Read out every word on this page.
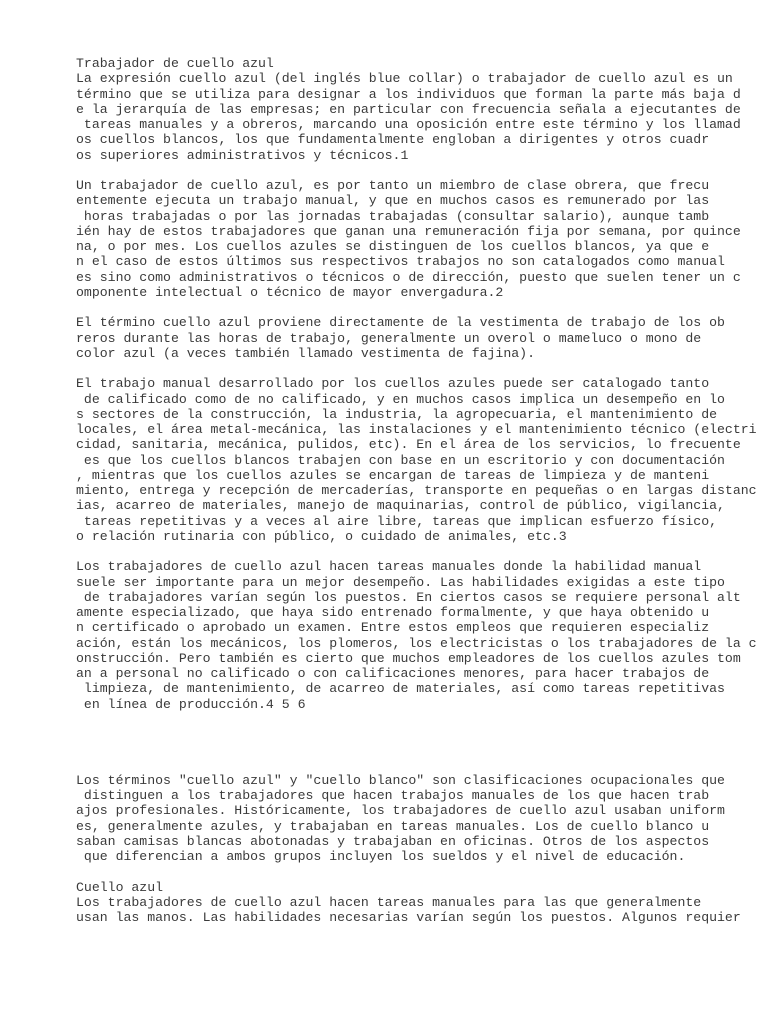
Trabajador de cuello azul
La expresión cuello azul (del inglés blue collar) o trabajador de cuello azul es un
término que se utiliza para designar a los individuos que forman la parte más baja d
e la jerarquía de las empresas; en particular con frecuencia señala a ejecutantes de
tareas manuales y a obreros, marcando una oposición entre este término y los llamad
os cuellos blancos, los que fundamentalmente engloban a dirigentes y otros cuadr
os superiores administrativos y técnicos.1
Un trabajador de cuello azul, es por tanto un miembro de clase obrera, que frecu
entemente ejecuta un trabajo manual, y que en muchos casos es remunerado por las
horas trabajadas o por las jornadas trabajadas (consultar salario), aunque tamb
ién hay de estos trabajadores que ganan una remuneración fija por semana, por quince
na, o por mes. Los cuellos azules se distinguen de los cuellos blancos, ya que e
n el caso de estos últimos sus respectivos trabajos no son catalogados como manual
es sino como administrativos o técnicos o de dirección, puesto que suelen tener un c
omponente intelectual o técnico de mayor envergadura.2
El término cuello azul proviene directamente de la vestimenta de trabajo de los ob
reros durante las horas de trabajo, generalmente un overol o mameluco o mono de
color azul (a veces también llamado vestimenta de fajina).
El trabajo manual desarrollado por los cuellos azules puede ser catalogado tanto
de calificado como de no calificado, y en muchos casos implica un desempeño en lo
s sectores de la construcción, la industria, la agropecuaria, el mantenimiento de
locales, el área metal-mecánica, las instalaciones y el mantenimiento técnico (electri
cidad, sanitaria, mecánica, pulidos, etc). En el área de los servicios, lo frecuente
es que los cuellos blancos trabajen con base en un escritorio y con documentación
, mientras que los cuellos azules se encargan de tareas de limpieza y de manteni
miento, entrega y recepción de mercaderías, transporte en pequeñas o en largas distanc
ias, acarreo de materiales, manejo de maquinarias, control de público, vigilancia,
tareas repetitivas y a veces al aire libre, tareas que implican esfuerzo físico,
o relación rutinaria con público, o cuidado de animales, etc.3
Los trabajadores de cuello azul hacen tareas manuales donde la habilidad manual
suele ser importante para un mejor desempeño. Las habilidades exigidas a este tipo
de trabajadores varían según los puestos. En ciertos casos se requiere personal alt
amente especializado, que haya sido entrenado formalmente, y que haya obtenido u
n certificado o aprobado un examen. Entre estos empleos que requieren especializ
ación, están los mecánicos, los plomeros, los electricistas o los trabajadores de la c
onstrucción. Pero también es cierto que muchos empleadores de los cuellos azules tom
an a personal no calificado o con calificaciones menores, para hacer trabajos de
limpieza, de mantenimiento, de acarreo de materiales, así como tareas repetitivas
en línea de producción.4 5 6
Los términos "cuello azul" y "cuello blanco" son clasificaciones ocupacionales que
distinguen a los trabajadores que hacen trabajos manuales de los que hacen trab
ajos profesionales. Históricamente, los trabajadores de cuello azul usaban uniform
es, generalmente azules, y trabajaban en tareas manuales. Los de cuello blanco u
saban camisas blancas abotonadas y trabajaban en oficinas. Otros de los aspectos
que diferencian a ambos grupos incluyen los sueldos y el nivel de educación.
Cuello azul
Los trabajadores de cuello azul hacen tareas manuales para las que generalmente
usan las manos. Las habilidades necesarias varían según los puestos. Algunos requier
